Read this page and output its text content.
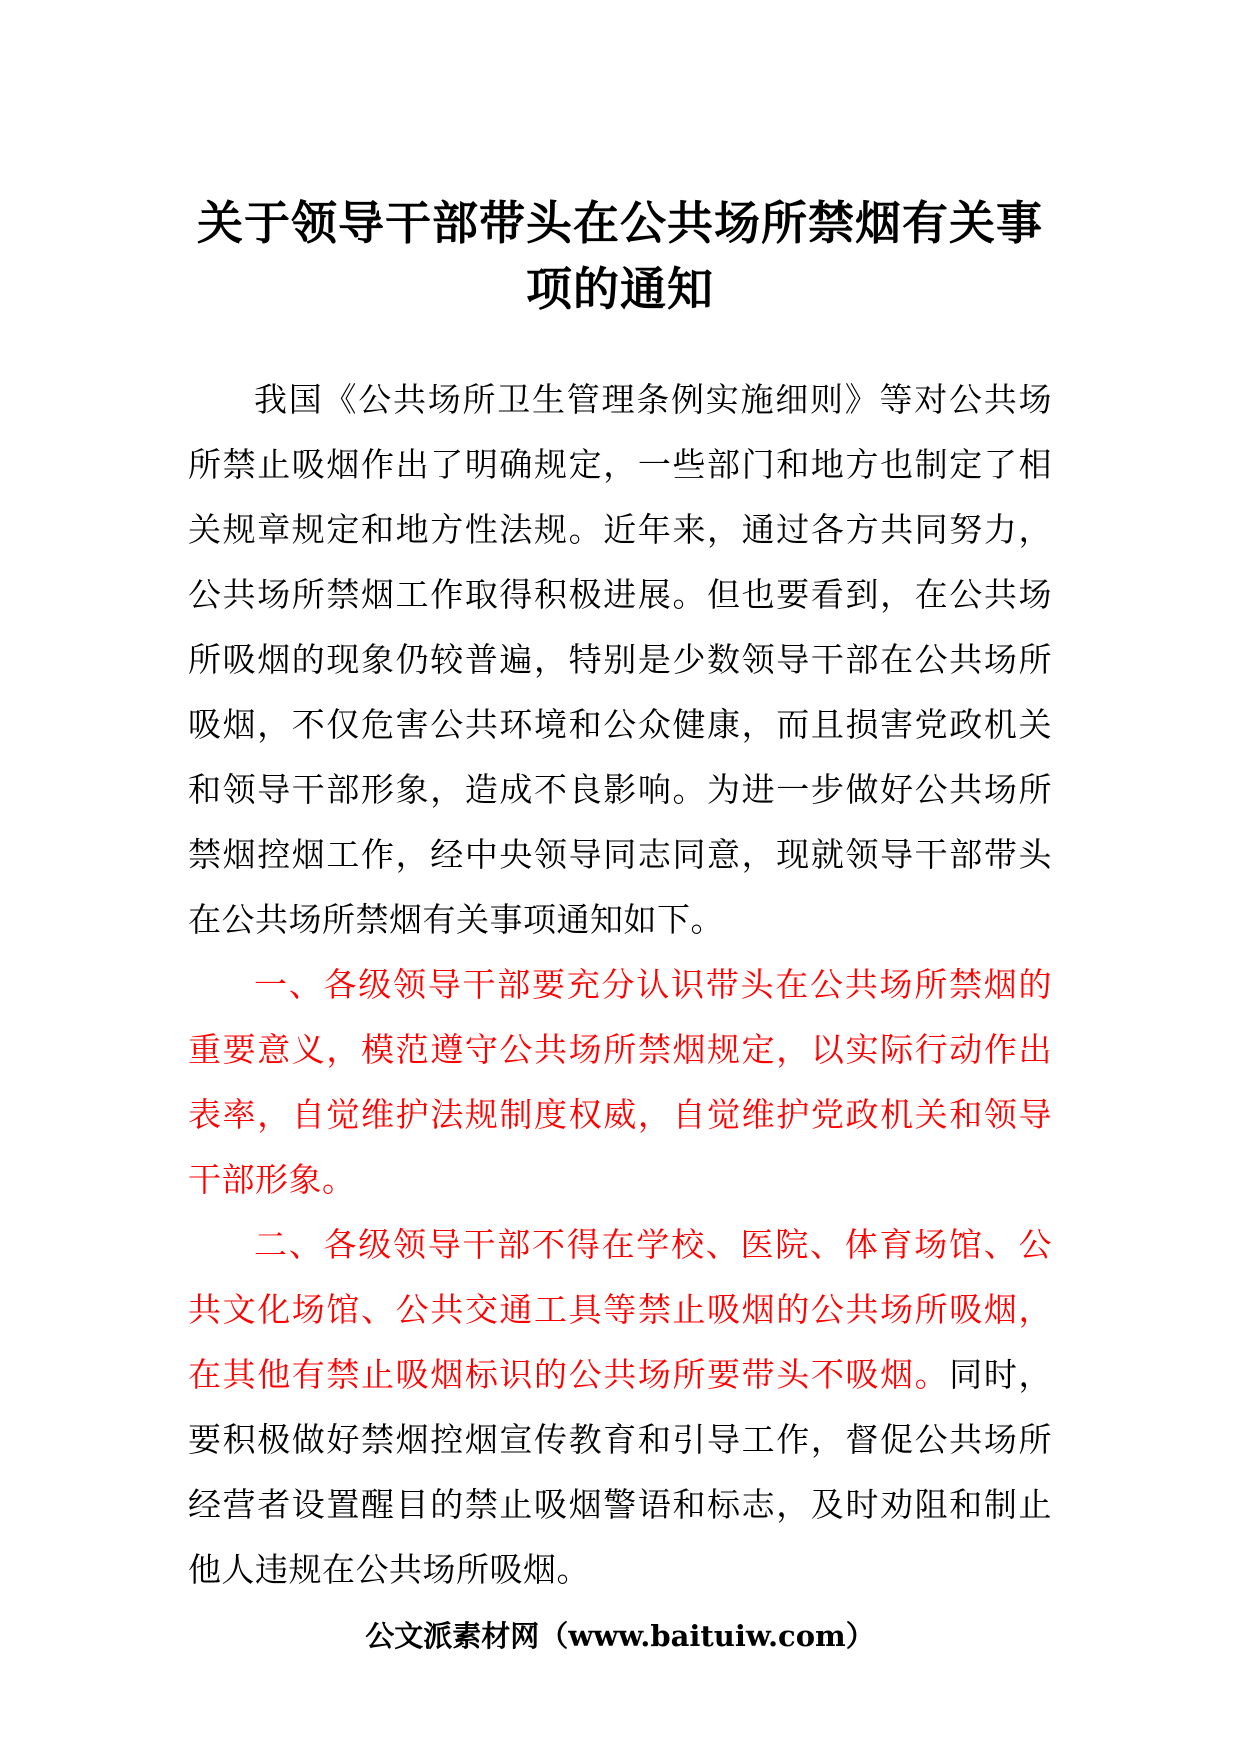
关于领导干部带头在公共场所禁烟有关事项的通知

我国《公共场所卫生管理条例实施细则》等对公共场所禁止吸烟作出了明确规定，一些部门和地方也制定了相关规章规定和地方性法规。近年来，通过各方共同努力，公共场所禁烟工作取得积极进展。但也要看到，在公共场所吸烟的现象仍较普遍，特别是少数领导干部在公共场所吸烟，不仅危害公共环境和公众健康，而且损害党政机关和领导干部形象，造成不良影响。为进一步做好公共场所禁烟控烟工作，经中央领导同志同意，现就领导干部带头在公共场所禁烟有关事项通知如下。

一、各级领导干部要充分认识带头在公共场所禁烟的重要意义，模范遵守公共场所禁烟规定，以实际行动作出表率，自觉维护法规制度权威，自觉维护党政机关和领导干部形象。

二、各级领导干部不得在学校、医院、体育场馆、公共文化场馆、公共交通工具等禁止吸烟的公共场所吸烟，在其他有禁止吸烟标识的公共场所要带头不吸烟。同时，要积极做好禁烟控烟宣传教育和引导工作，督促公共场所经营者设置醒目的禁止吸烟警语和标志，及时劝阻和制止他人违规在公共场所吸烟。

公文派素材网（www.baituiw.com）
